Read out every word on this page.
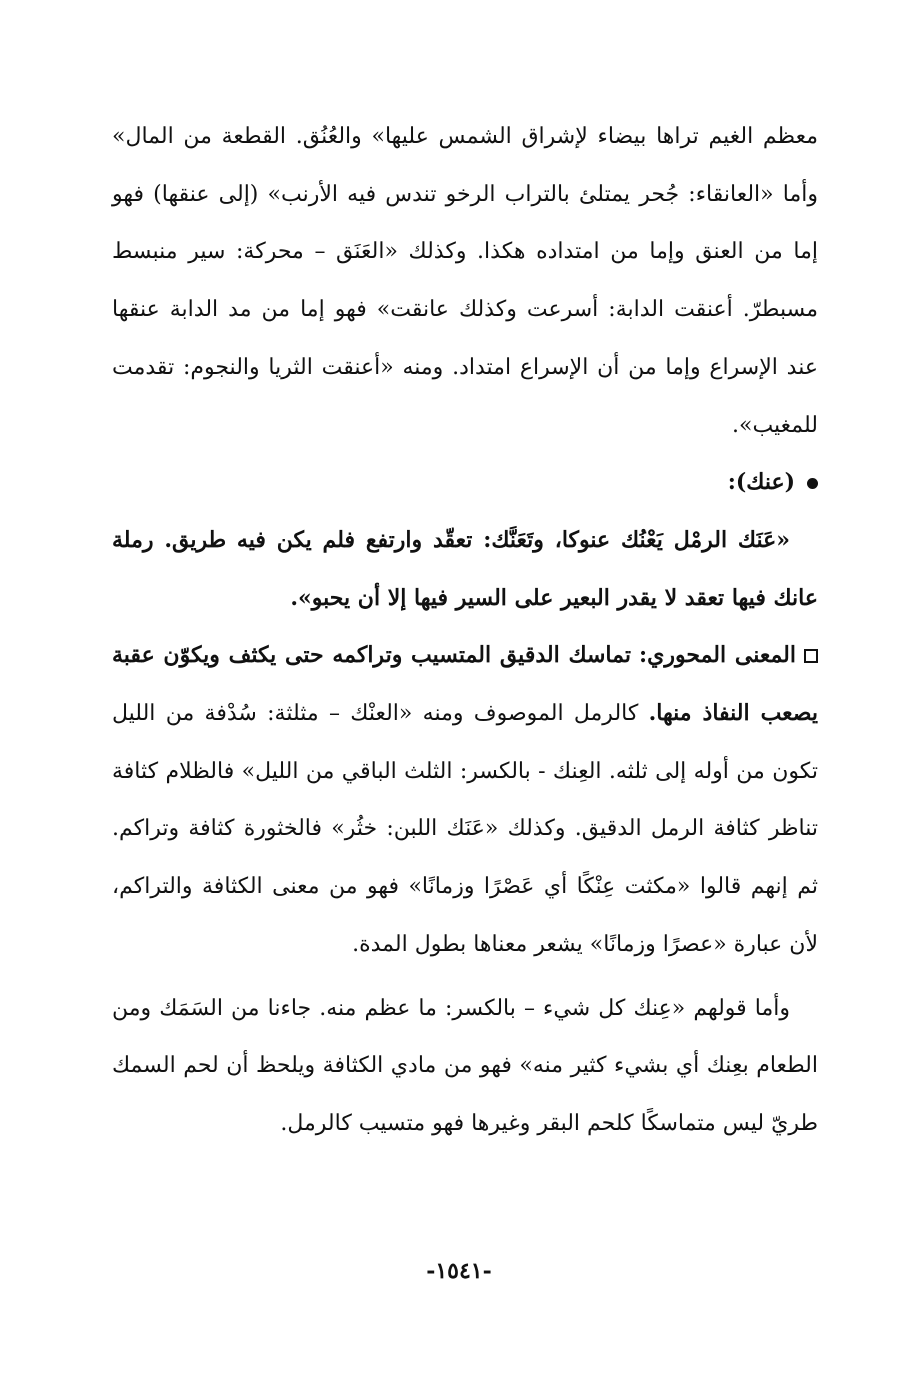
معظم الغيم تراها بيضاء لإشراق الشمس عليها» والعُنُق. القطعة من المال» وأما «العانقاء: جُحر يمتلئ بالتراب الرخو تندس فيه الأرنب» (إلى عنقها) فهو إما من العنق وإما من امتداده هكذا. وكذلك «العَنَق – محركة: سير منبسط مسبطرّ. أعنقت الدابة: أسرعت وكذلك عانقت» فهو إما من مد الدابة عنقها عند الإسراع وإما من أن الإسراع امتداد. ومنه «أعنقت الثريا والنجوم: تقدمت للمغيب».

(عنك):

«عَنَك الرمْل يَعْنُك عنوكا، وتَعَنَّك: تعقّد وارتفع فلم يكن فيه طريق. رملة عانك فيها تعقد لا يقدر البعير على السير فيها إلا أن يحبو».

المعنى المحوري: تماسك الدقيق المتسيب وتراكمه حتى يكثف ويكوّن عقبة يصعب النفاذ منها. كالرمل الموصوف ومنه «العنْك – مثلثة: سُدْفة من الليل تكون من أوله إلى ثلثه. العِنك - بالكسر: الثلث الباقي من الليل» فالظلام كثافة تناظر كثافة الرمل الدقيق. وكذلك «عَنَك اللبن: خثُر» فالخثورة كثافة وتراكم. ثم إنهم قالوا «مكثت عِنْكًا أي عَصْرًا وزمانًا» فهو من معنى الكثافة والتراكم، لأن عبارة «عصرًا وزمانًا» يشعر معناها بطول المدة.

وأما قولهم «عِنك كل شيء – بالكسر: ما عظم منه. جاءنا من السَمَك ومن الطعام بعِنك أي بشيء كثير منه» فهو من مادي الكثافة ويلحظ أن لحم السمك طريّ ليس متماسكًا كلحم البقر وغيرها فهو متسيب كالرمل.

-١٥٤١-
